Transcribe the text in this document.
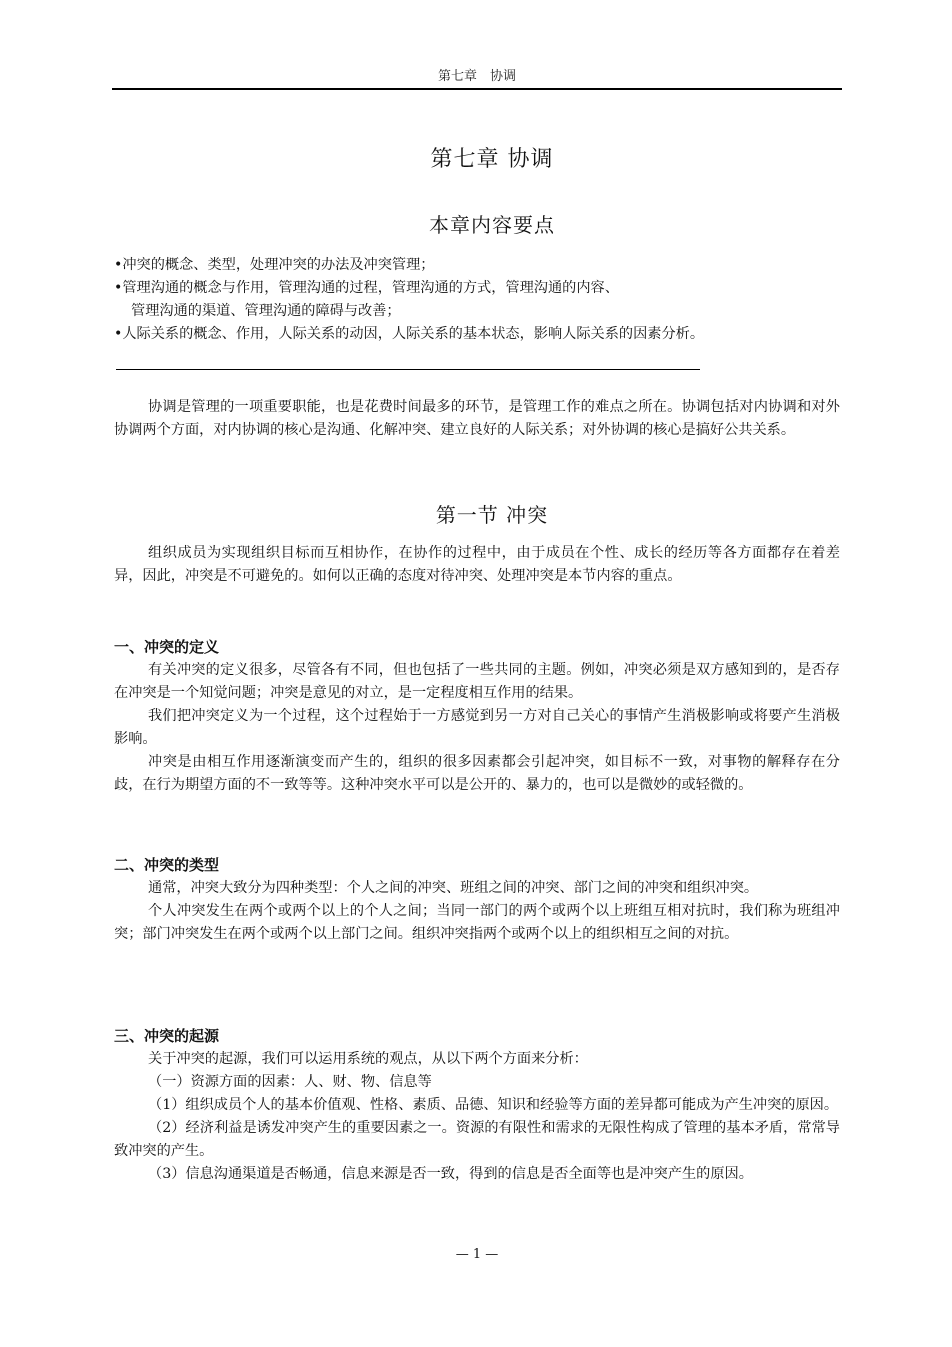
第七章　协调
第七章 协调
本章内容要点
•冲突的概念、类型，处理冲突的办法及冲突管理；
•管理沟通的概念与作用，管理沟通的过程，管理沟通的方式，管理沟通的内容、
管理沟通的渠道、管理沟通的障碍与改善；
•人际关系的概念、作用，人际关系的动因，人际关系的基本状态，影响人际关系的因素分析。

协调是管理的一项重要职能，也是花费时间最多的环节，是管理工作的难点之所在。协调包括对内协调和对外协调两个方面，对内协调的核心是沟通、化解冲突、建立良好的人际关系；对外协调的核心是搞好公共关系。

第一节 冲突

组织成员为实现组织目标而互相协作，在协作的过程中，由于成员在个性、成长的经历等各方面都存在着差异，因此，冲突是不可避免的。如何以正确的态度对待冲突、处理冲突是本节内容的重点。

一、冲突的定义

有关冲突的定义很多，尽管各有不同，但也包括了一些共同的主题。例如，冲突必须是双方感知到的，是否存在冲突是一个知觉问题；冲突是意见的对立，是一定程度相互作用的结果。

我们把冲突定义为一个过程，这个过程始于一方感觉到另一方对自己关心的事情产生消极影响或将要产生消极影响。

冲突是由相互作用逐渐演变而产生的，组织的很多因素都会引起冲突，如目标不一致，对事物的解释存在分歧，在行为期望方面的不一致等等。这种冲突水平可以是公开的、暴力的，也可以是微妙的或轻微的。

二、冲突的类型

通常，冲突大致分为四种类型：个人之间的冲突、班组之间的冲突、部门之间的冲突和组织冲突。

个人冲突发生在两个或两个以上的个人之间；当同一部门的两个或两个以上班组互相对抗时，我们称为班组冲突；部门冲突发生在两个或两个以上部门之间。组织冲突指两个或两个以上的组织相互之间的对抗。

三、冲突的起源

关于冲突的起源，我们可以运用系统的观点，从以下两个方面来分析：

（一）资源方面的因素：人、财、物、信息等

（1）组织成员个人的基本价值观、性格、素质、品德、知识和经验等方面的差异都可能成为产生冲突的原因。

（2）经济利益是诱发冲突产生的重要因素之一。资源的有限性和需求的无限性构成了管理的基本矛盾，常常导致冲突的产生。

（3）信息沟通渠道是否畅通，信息来源是否一致，得到的信息是否全面等也是冲突产生的原因。

— 1 —
